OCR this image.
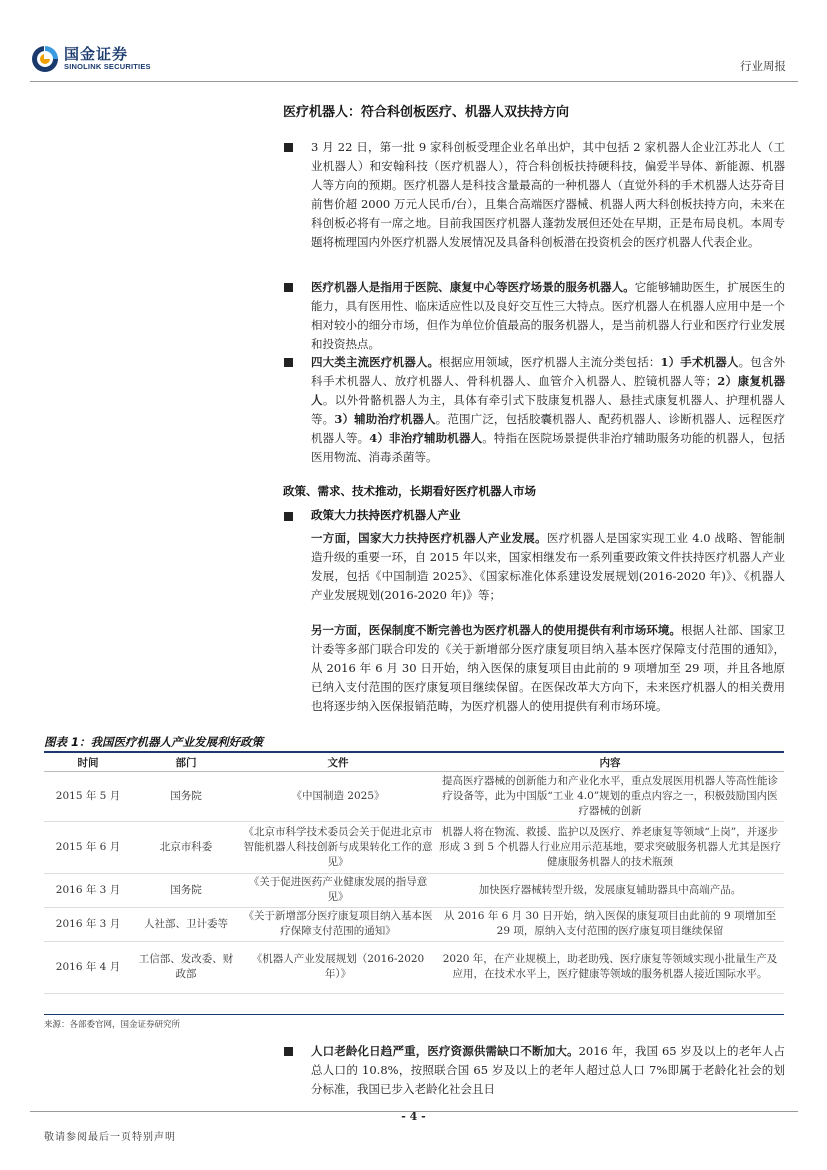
国金证券
SINOLINK SECURITIES	行业周报
医疗机器人：符合科创板医疗、机器人双扶持方向
3 月 22 日，第一批 9 家科创板受理企业名单出炉，其中包括 2 家机器人企业江苏北人（工业机器人）和安翰科技（医疗机器人），符合科创板扶持硬科技，偏爱半导体、新能源、机器人等方向的预期。医疗机器人是科技含量最高的一种机器人（直觉外科的手术机器人达芬奇目前售价超 2000 万元人民币/台），且集合高端医疗器械、机器人两大科创板扶持方向，未来在科创板必将有一席之地。目前我国医疗机器人蓬勃发展但还处在早期，正是布局良机。本周专题将梳理国内外医疗机器人发展情况及具备科创板潜在投资机会的医疗机器人代表企业。
医疗机器人是指用于医院、康复中心等医疗场景的服务机器人。它能够辅助医生，扩展医生的能力，具有医用性、临床适应性以及良好交互性三大特点。医疗机器人在机器人应用中是一个相对较小的细分市场，但作为单位价值最高的服务机器人，是当前机器人行业和医疗行业发展和投资热点。
四大类主流医疗机器人。根据应用领域，医疗机器人主流分类包括：1）手术机器人。包含外科手术机器人、放疗机器人、骨科机器人、血管介入机器人、腔镜机器人等；2）康复机器人。以外骨骼机器人为主，具体有牵引式下肢康复机器人、悬挂式康复机器人、护理机器人等。3）辅助治疗机器人。范围广泛，包括胶囊机器人、配药机器人、诊断机器人、远程医疗机器人等。4）非治疗辅助机器人。特指在医院场景提供非治疗辅助服务功能的机器人，包括医用物流、消毒杀菌等。
政策、需求、技术推动，长期看好医疗机器人市场
政策大力扶持医疗机器人产业
一方面，国家大力扶持医疗机器人产业发展。医疗机器人是国家实现工业 4.0 战略、智能制造升级的重要一环，自 2015 年以来，国家相继发布一系列重要政策文件扶持医疗机器人产业发展，包括《中国制造 2025》、《国家标准化体系建设发展规划(2016-2020 年)》、《机器人产业发展规划(2016-2020 年)》等；
另一方面，医保制度不断完善也为医疗机器人的使用提供有利市场环境。根据人社部、国家卫计委等多部门联合印发的《关于新增部分医疗康复项目纳入基本医疗保障支付范围的通知》，从 2016 年 6 月 30 日开始，纳入医保的康复项目由此前的 9 项增加至 29 项，并且各地原已纳入支付范围的医疗康复项目继续保留。在医保改革大方向下，未来医疗机器人的相关费用也将逐步纳入医保报销范畴，为医疗机器人的使用提供有利市场环境。
图表 1：我国医疗机器人产业发展利好政策
时间	部门	文件	内容
2015 年 5 月	国务院	《中国制造 2025》	提高医疗器械的创新能力和产业化水平，重点发展医用机器人等高性能诊疗设备等，此为中国版“工业 4.0”规划的重点内容之一，积极鼓励国内医疗器械的创新
2015 年 6 月	北京市科委	《北京市科学技术委员会关于促进北京市智能机器人科技创新与成果转化工作的意见》	机器人将在物流、救援、监护以及医疗、养老康复等领域“上岗”，并逐步形成 3 到 5 个机器人行业应用示范基地，要求突破服务机器人尤其是医疗健康服务机器人的技术瓶颈
2016 年 3 月	国务院	《关于促进医药产业健康发展的指导意见》	加快医疗器械转型升级，发展康复辅助器具中高端产品。
2016 年 3 月	人社部、卫计委等	《关于新增部分医疗康复项目纳入基本医疗保障支付范围的通知》	从 2016 年 6 月 30 日开始，纳入医保的康复项目由此前的 9 项增加至 29 项，原纳入支付范围的医疗康复项目继续保留
2016 年 4 月	工信部、发改委、财政部	《机器人产业发展规划（2016-2020 年）》	2020 年，在产业规模上，助老助残、医疗康复等领域实现小批量生产及应用，在技术水平上，医疗健康等领域的服务机器人接近国际水平。
来源：各部委官网，国金证券研究所
人口老龄化日趋严重，医疗资源供需缺口不断加大。2016 年，我国 65 岁及以上的老年人占总人口的 10.8%，按照联合国 65 岁及以上的老年人超过总人口 7%即属于老龄化社会的划分标准，我国已步入老龄化社会且日
- 4 -
敬请参阅最后一页特别声明
